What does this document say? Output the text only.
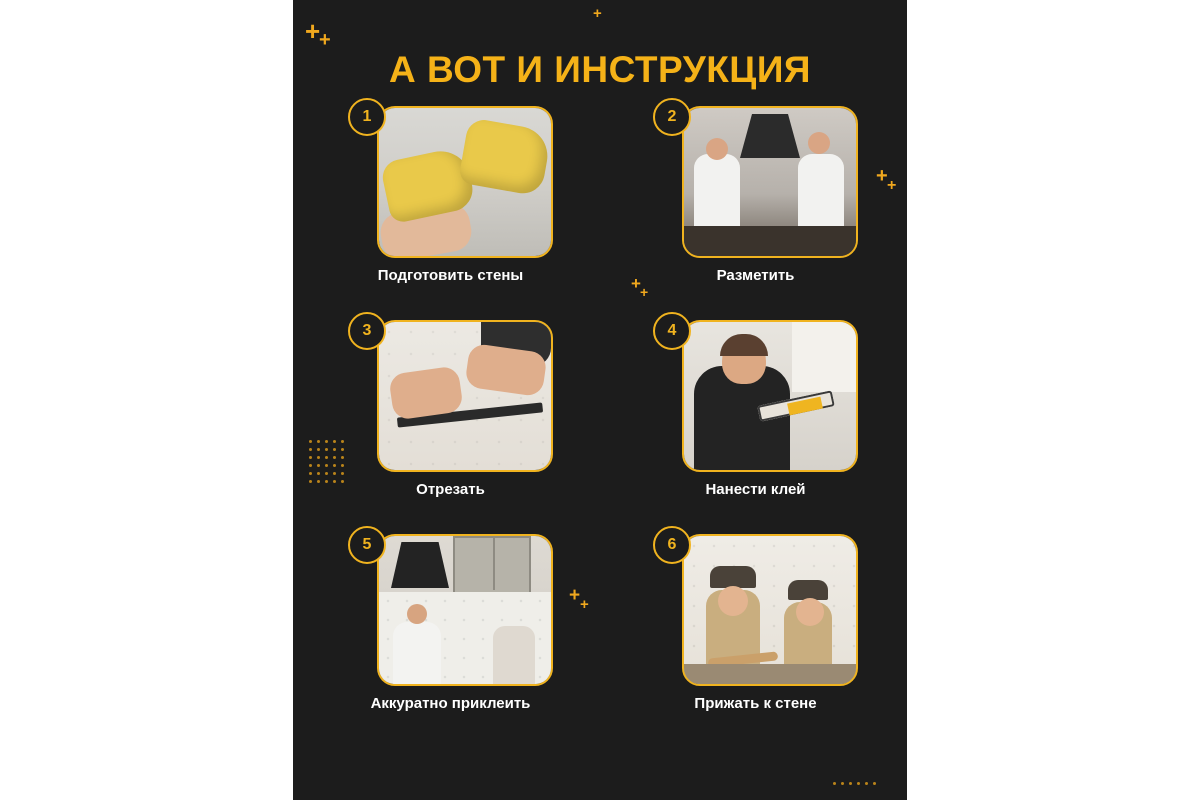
+
+
+ +
+ +
+ +
+
А ВОТ И ИНСТРУКЦИЯ
1
Подготовить стены
2
Разметить
3
Отрезать
4
Нанести клей
5
Аккуратно приклеить
6
Прижать к стене
